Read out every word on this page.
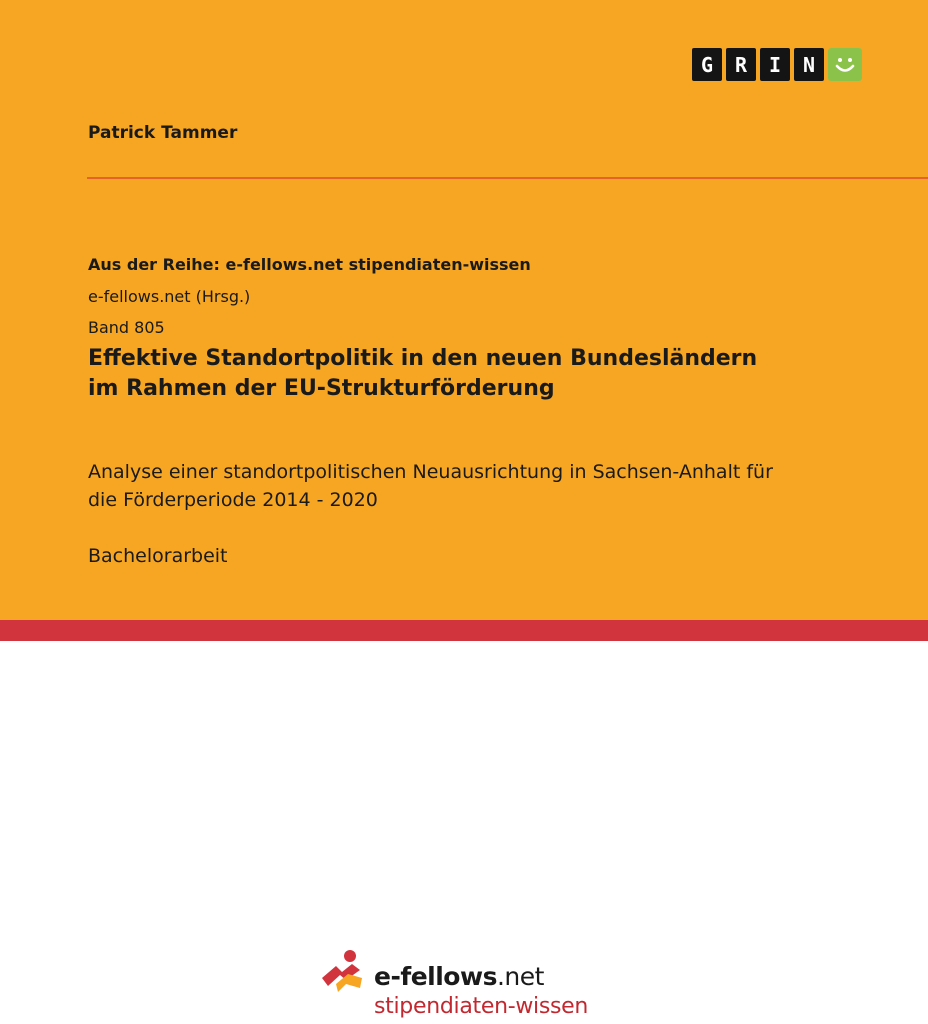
G	R	I	N
Patrick Tammer
Aus der Reihe: e-fellows.net stipendiaten-wissen
e-fellows.net (Hrsg.)
Band 805
Effektive Standortpolitik in den neuen Bundesländern
im Rahmen der EU-Strukturförderung
Analyse einer standortpolitischen Neuausrichtung in Sachsen-Anhalt für
die Förderperiode 2014 - 2020
Bachelorarbeit
e-fellows.net
stipendiaten-wissen
